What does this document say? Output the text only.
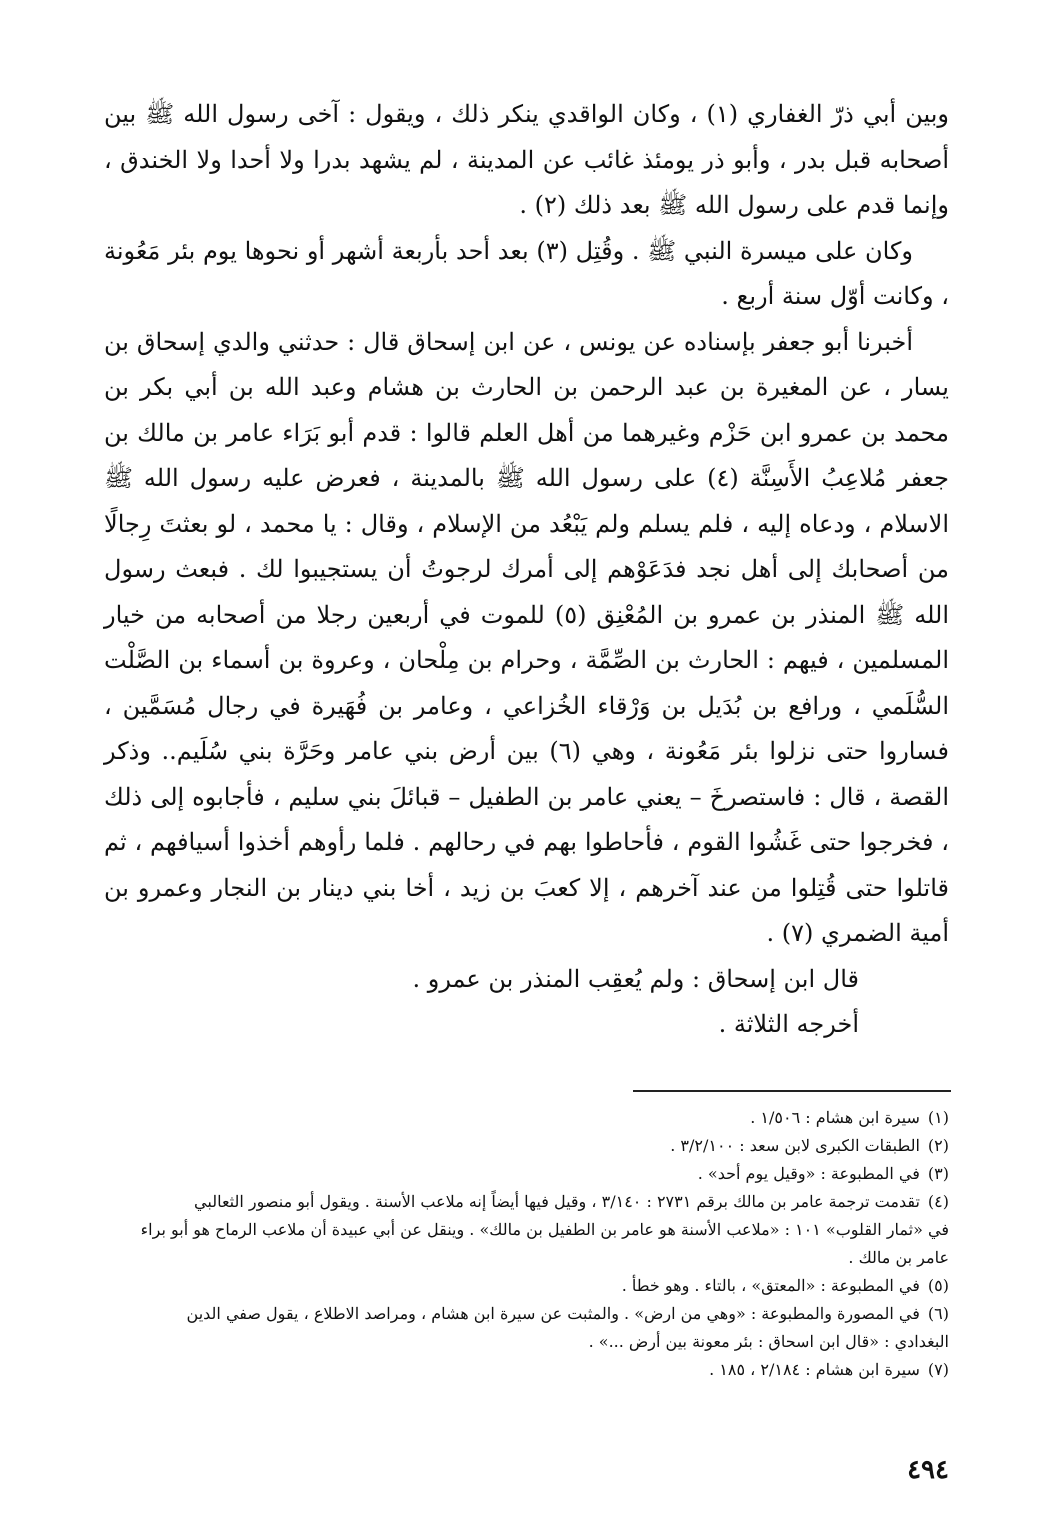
وبين أبي ذرّ الغفاري (١) ، وكان الواقدي ينكر ذلك ، ويقول : آخى رسول الله ﷺ بين أصحابه قبل بدر ، وأبو ذر يومئذ غائب عن المدينة ، لم يشهد بدرا ولا أحدا ولا الخندق ، وإنما قدم على رسول الله ﷺ بعد ذلك (٢) .

وكان على ميسرة النبي ﷺ . وقُتِل (٣) بعد أحد بأربعة أشهر أو نحوها يوم بئر مَعُونة ، وكانت أوّل سنة أربع .

أخبرنا أبو جعفر بإسناده عن يونس ، عن ابن إسحاق قال : حدثني والدي إسحاق بن يسار ، عن المغيرة بن عبد الرحمن بن الحارث بن هشام وعبد الله بن أبي بكر بن محمد بن عمرو ابن حَزْم وغيرهما من أهل العلم قالوا : قدم أبو بَرَاء عامر بن مالك بن جعفر مُلاعِبُ الأَسِنَّة (٤) على رسول الله ﷺ بالمدينة ، فعرض عليه رسول الله ﷺ الاسلام ، ودعاه إليه ، فلم يسلم ولم يَبْعُد من الإسلام ، وقال : يا محمد ، لو بعثتَ رِجالًا من أصحابك إلى أهل نجد فدَعَوْهم إلى أمرك لرجوتُ أن يستجيبوا لك . فبعث رسول الله ﷺ المنذر بن عمرو بن المُعْنِق (٥) للموت في أربعين رجلا من أصحابه من خيار المسلمين ، فيهم : الحارث بن الصِّمَّة ، وحرام بن مِلْحان ، وعروة بن أسماء بن الصَّلْت السُّلَمي ، ورافع بن بُدَيل بن وَرْقاء الخُزاعي ، وعامر بن فُهَيرة في رجال مُسَمَّين ، فساروا حتى نزلوا بئر مَعُونة ، وهي (٦) بين أرض بني عامر وحَرَّة بني سُلَيم.. وذكر القصة ، قال : فاستصرخَ – يعني عامر بن الطفيل – قبائلَ بني سليم ، فأجابوه إلى ذلك ، فخرجوا حتى غَشُوا القوم ، فأحاطوا بهم في رحالهم . فلما رأوهم أخذوا أسيافهم ، ثم قاتلوا حتى قُتِلوا من عند آخرهم ، إلا كعبَ بن زيد ، أخا بني دينار بن النجار وعمرو بن أمية الضمري (٧) .

قال ابن إسحاق : ولم يُعقِب المنذر بن عمرو .

أخرجه الثلاثة .

(١)سيرة ابن هشام : ١/٥٠٦ .

(٢)الطبقات الكبرى لابن سعد : ٣/٢/١٠٠ .

(٣)في المطبوعة : «وقيل يوم أحد» .

(٤)تقدمت ترجمة عامر بن مالك برقم ٢٧٣١ : ٣/١٤٠ ، وقيل فيها أيضاً إنه ملاعب الأسنة . ويقول أبو منصور الثعالبي

في «ثمار القلوب» ١٠١ : «ملاعب الأسنة هو عامر بن الطفيل بن مالك» . وينقل عن أبي عبيدة أن ملاعب الرماح هو أبو براء

عامر بن مالك .

(٥)في المطبوعة : «المعتق» ، بالتاء . وهو خطأ .

(٦)في المصورة والمطبوعة : «وهي من ارض» . والمثبت عن سيرة ابن هشام ، ومراصد الاطلاع ، يقول صفي الدين

البغدادي : «قال ابن اسحاق : بئر معونة بين أرض ...» .

(٧)سيرة ابن هشام : ٢/١٨٤ ، ١٨٥ .

٤٩٤
